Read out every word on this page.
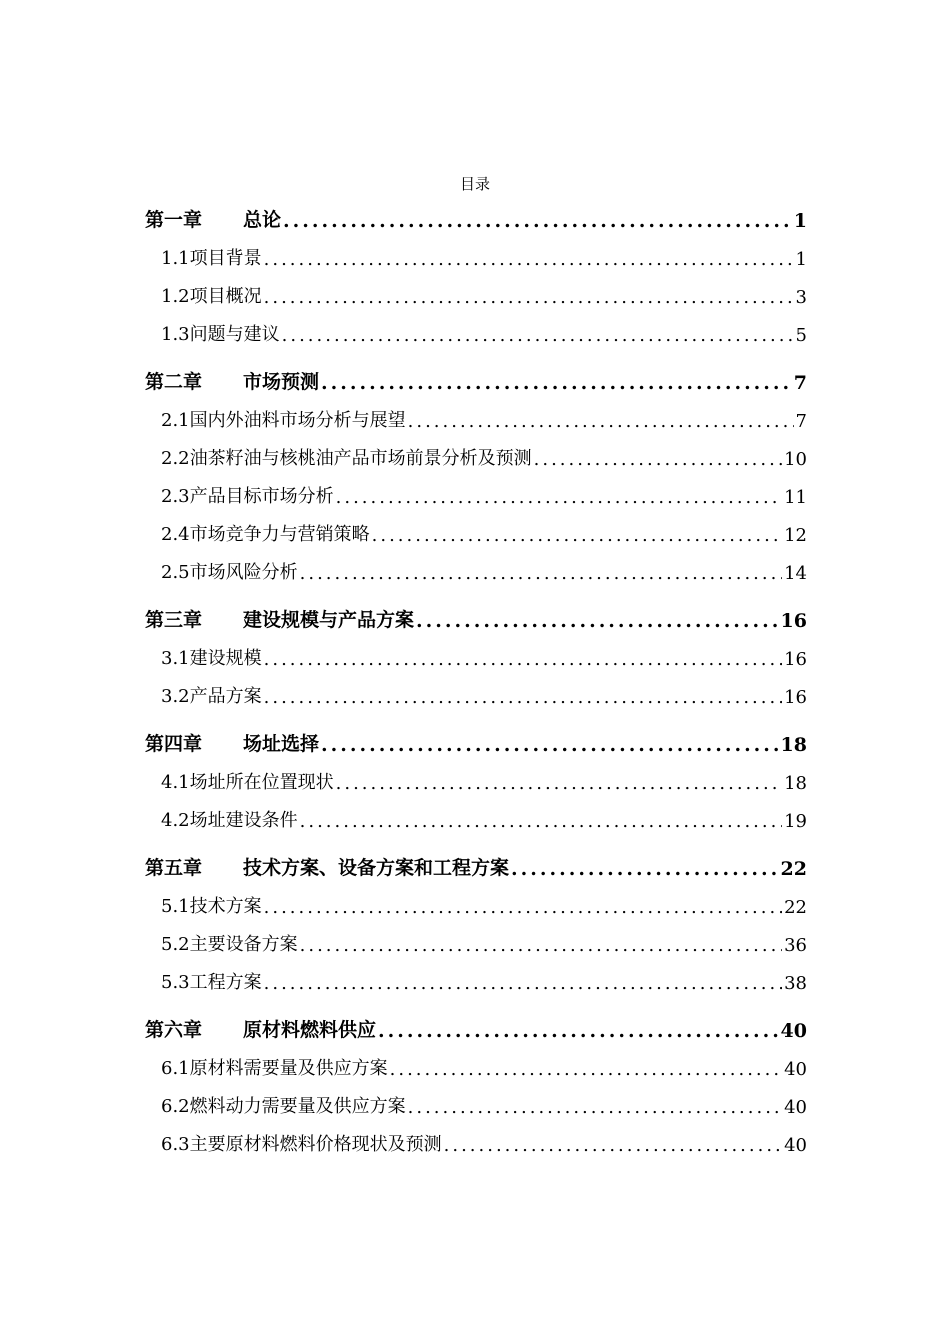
目录
第一章	总论 .....	1
1.1项目背景 .....	1
1.2项目概况 .....	3
1.3问题与建议 .....	5
第二章	市场预测 .....	7
2.1国内外油料市场分析与展望 .....	7
2.2油茶籽油与核桃油产品市场前景分析及预测 .....	10
2.3产品目标市场分析 .....	11
2.4市场竞争力与营销策略 .....	12
2.5市场风险分析 .....	14
第三章	建设规模与产品方案 .....	16
3.1建设规模 .....	16
3.2产品方案 .....	16
第四章	场址选择 .....	18
4.1场址所在位置现状 .....	18
4.2场址建设条件 .....	19
第五章	技术方案、设备方案和工程方案 .....	22
5.1技术方案 .....	22
5.2主要设备方案 .....	36
5.3工程方案 .....	38
第六章	原材料燃料供应 .....	40
6.1原材料需要量及供应方案 .....	40
6.2燃料动力需要量及供应方案 .....	40
6.3主要原材料燃料价格现状及预测 .....	40
